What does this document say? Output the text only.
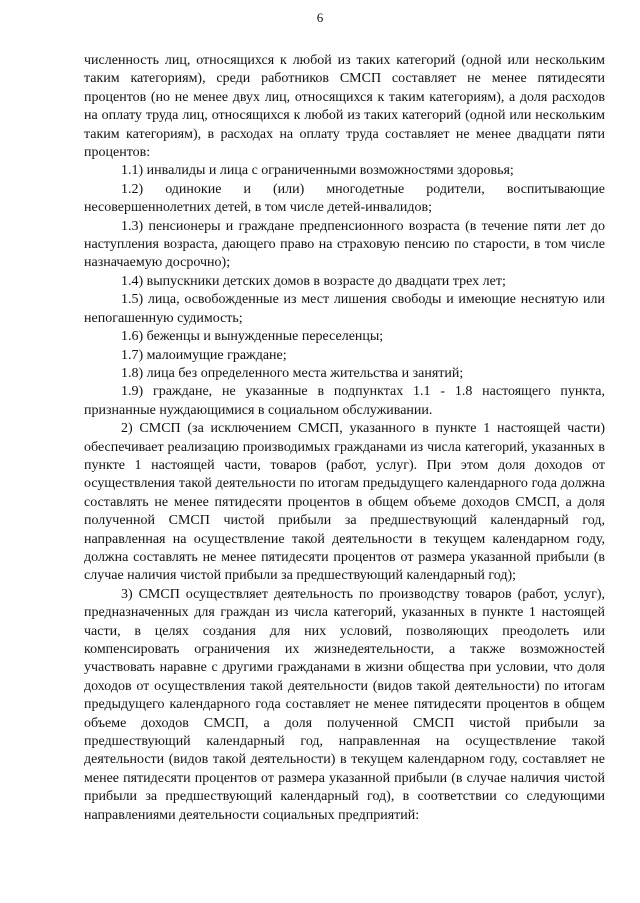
6

численность лиц, относящихся к любой из таких категорий (одной или нескольким таким категориям), среди работников СМСП составляет не менее пятидесяти процентов (но не менее двух лиц, относящихся к таким категориям), а доля расходов на оплату труда лиц, относящихся к любой из таких категорий (одной или нескольким таким категориям), в расходах на оплату труда составляет не менее двадцати пяти процентов:

1.1) инвалиды и лица с ограниченными возможностями здоровья;

1.2) одинокие и (или) многодетные родители, воспитывающие несовершеннолетних детей, в том числе детей-инвалидов;

1.3) пенсионеры и граждане предпенсионного возраста (в течение пяти лет до наступления возраста, дающего право на страховую пенсию по старости, в том числе назначаемую досрочно);

1.4) выпускники детских домов в возрасте до двадцати трех лет;

1.5) лица, освобожденные из мест лишения свободы и имеющие неснятую или непогашенную судимость;

1.6) беженцы и вынужденные переселенцы;

1.7) малоимущие граждане;

1.8) лица без определенного места жительства и занятий;

1.9) граждане, не указанные в подпунктах 1.1 - 1.8 настоящего пункта, признанные нуждающимися в социальном обслуживании.

2) СМСП (за исключением СМСП, указанного в пункте 1 настоящей части) обеспечивает реализацию производимых гражданами из числа категорий, указанных в пункте 1 настоящей части, товаров (работ, услуг). При этом доля доходов от осуществления такой деятельности по итогам предыдущего календарного года должна составлять не менее пятидесяти процентов в общем объеме доходов СМСП, а доля полученной СМСП чистой прибыли за предшествующий календарный год, направленная на осуществление такой деятельности в текущем календарном году, должна составлять не менее пятидесяти процентов от размера указанной прибыли (в случае наличия чистой прибыли за предшествующий календарный год);

3) СМСП осуществляет деятельность по производству товаров (работ, услуг), предназначенных для граждан из числа категорий, указанных в пункте 1 настоящей части, в целях создания для них условий, позволяющих преодолеть или компенсировать ограничения их жизнедеятельности, а также возможностей участвовать наравне с другими гражданами в жизни общества при условии, что доля доходов от осуществления такой деятельности (видов такой деятельности) по итогам предыдущего календарного года составляет не менее пятидесяти процентов в общем объеме доходов СМСП, а доля полученной СМСП чистой прибыли за предшествующий календарный год, направленная на осуществление такой деятельности (видов такой деятельности) в текущем календарном году, составляет не менее пятидесяти процентов от размера указанной прибыли (в случае наличия чистой прибыли за предшествующий календарный год), в соответствии со следующими направлениями деятельности социальных предприятий:
